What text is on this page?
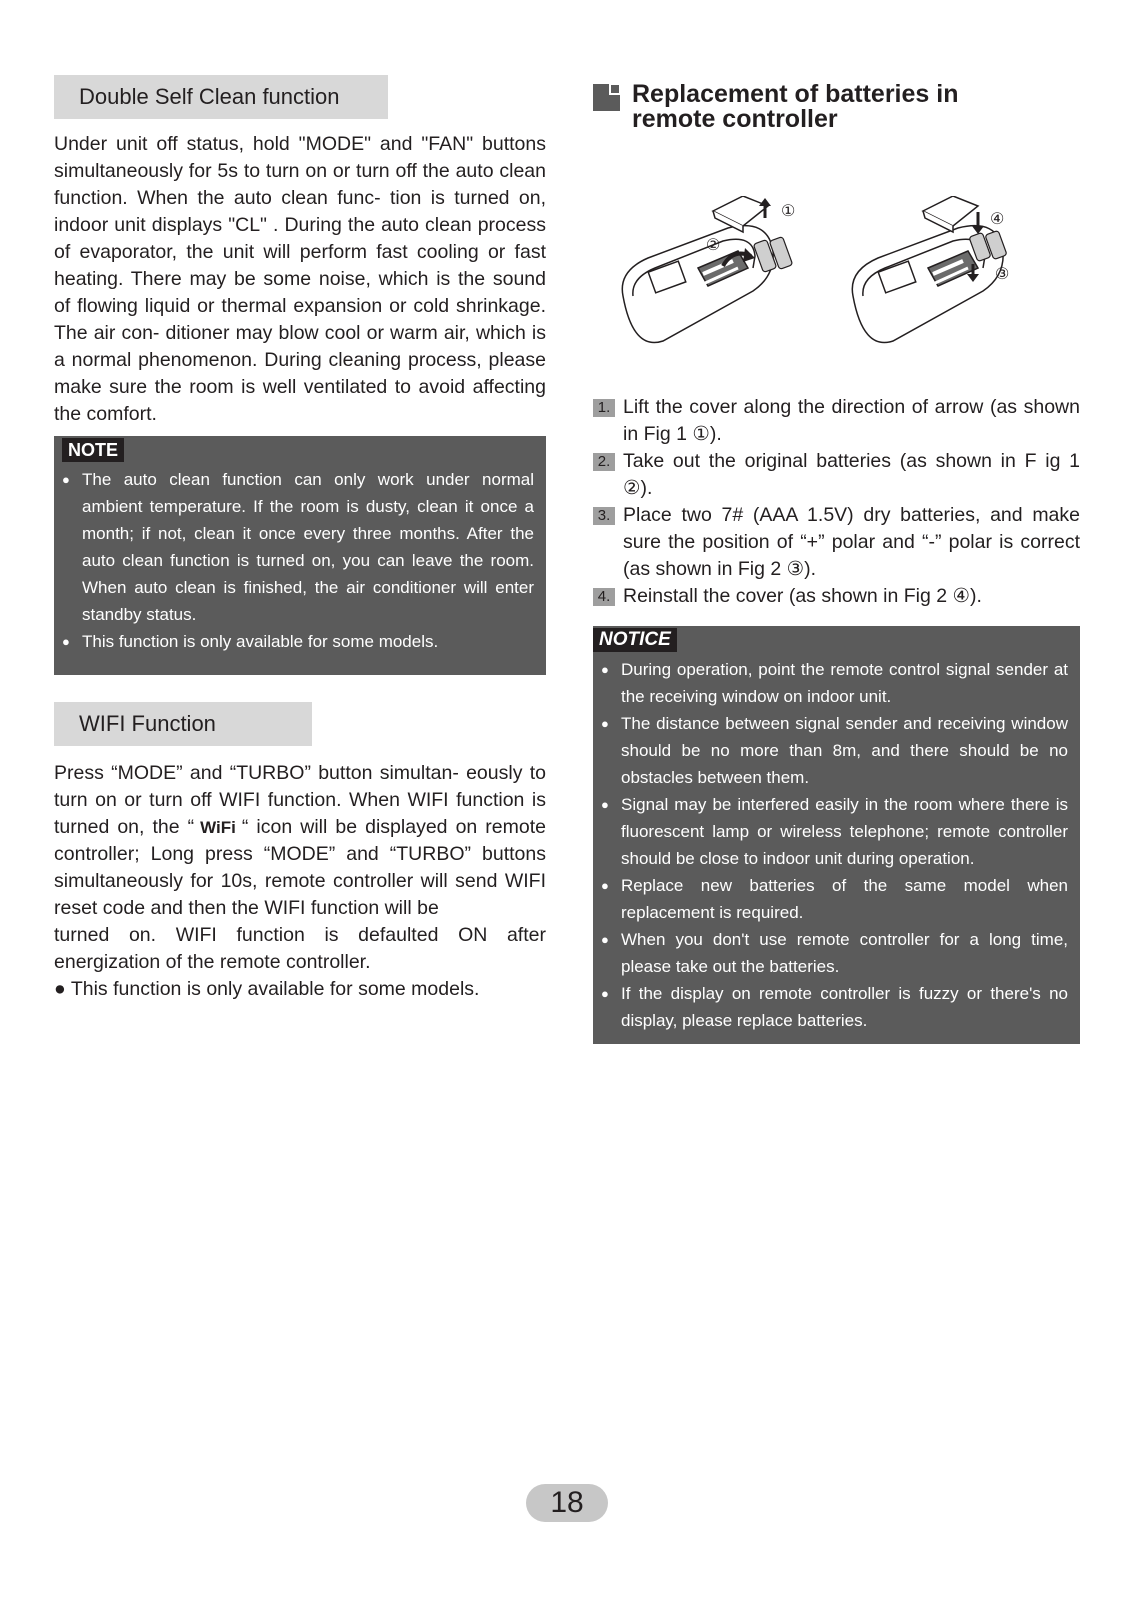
Double Self Clean function

Under unit off status, hold "MODE" and "FAN" buttons simultaneously for 5s to turn on or turn off the auto clean function. When the auto clean func- tion is turned on, indoor unit displays "CL" . During the auto clean process of evaporator, the unit will perform fast cooling or fast heating. There may be some noise, which is the sound of flowing liquid or thermal expansion or cold shrinkage. The air con- ditioner may blow cool or warm air, which is a normal phenomenon. During cleaning process, please make sure the room is well ventilated to avoid affecting the comfort.

NOTE
● The auto clean function can only work under normal ambient temperature. If the room is dusty, clean it once a month; if not, clean it once every three months. After the auto clean function is turned on, you can leave the room. When auto clean is finished, the air conditioner will enter standby status.
● This function is only available for some models.
WIFI Function

Press “MODE” and “TURBO” button simultan- eously to turn on or turn off WIFI function. When WIFI function is turned on, the “ WiFi “ icon will be displayed on remote controller; Long press “MODE” and “TURBO” buttons simultaneously for 10s, remote controller will send WIFI reset code and then the WIFI function will be

turned on. WIFI function is defaulted ON after energization of the remote controller.

● This function is only available for some models.

Replacement of batteries in
remote controller
①
②
④
③
1. Lift the cover along the direction of arrow (as shown in Fig 1 ①).
2. Take out the original batteries (as shown in F ig 1 ②).
3. Place two 7# (AAA 1.5V) dry batteries, and make sure the position of “+” polar and “-” polar is correct (as shown in Fig 2 ③).
4. Reinstall the cover (as shown in Fig 2 ④).
NOTICE
● During operation, point the remote control signal sender at the receiving window on indoor unit.
● The distance between signal sender and receiving window should be no more than 8m, and there should be no obstacles between them.
● Signal may be interfered easily in the room where there is fluorescent lamp or wireless telephone; remote controller should be close to indoor unit during operation.
● Replace new batteries of the same model when replacement is required.
● When you don't use remote controller for a long time, please take out the batteries.
● If the display on remote controller is fuzzy or there's no display, please replace batteries.
18
